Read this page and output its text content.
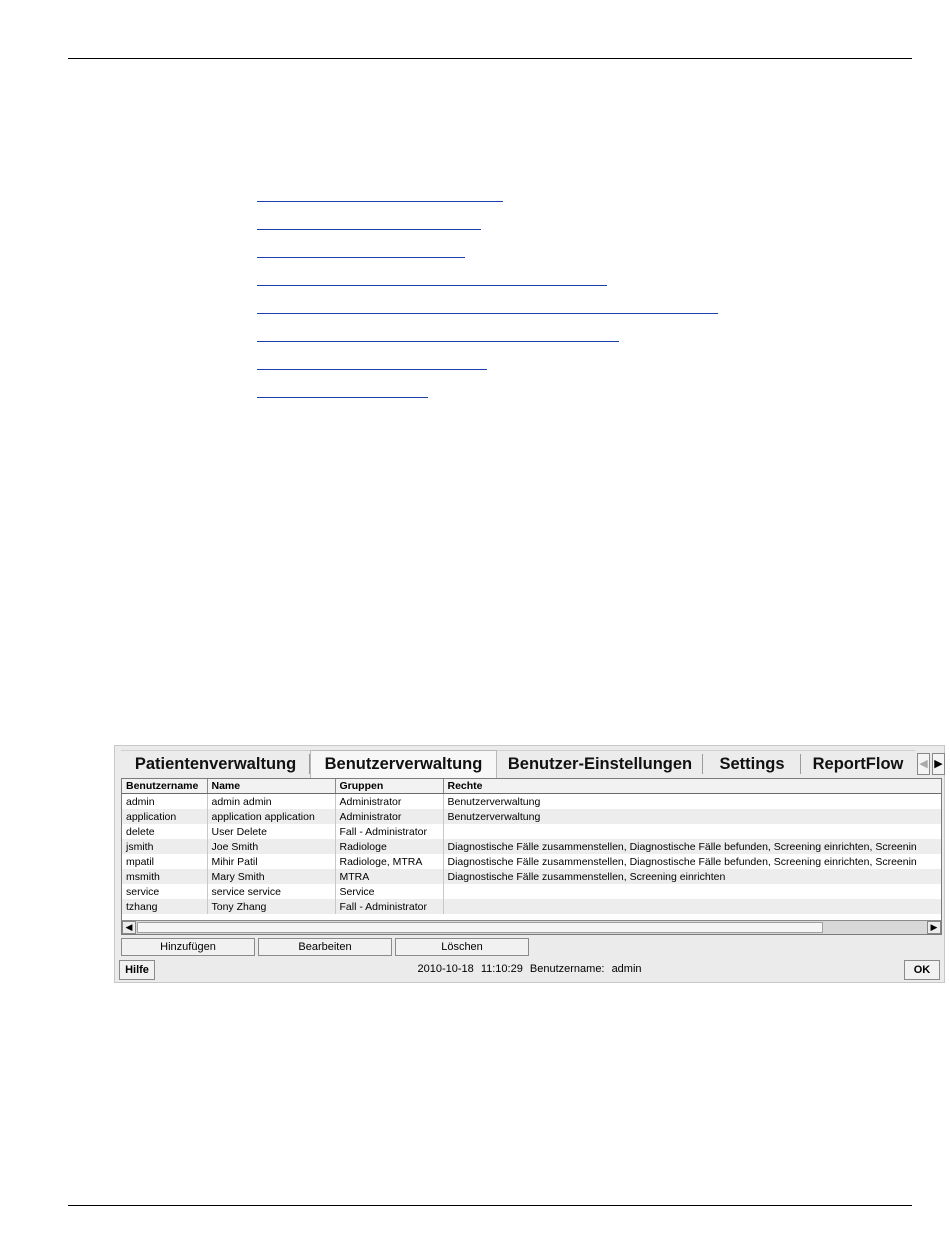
Patientenverwaltung	Benutzerverwaltung	Benutzer-Einstellungen	Settings	ReportFlow	◀ ▶
Benutzername	Name	Gruppen	Rechte
admin	admin admin	Administrator	Benutzerverwaltung
application	application application	Administrator	Benutzerverwaltung
delete	User Delete	Fall - Administrator	
jsmith	Joe Smith	Radiologe	Diagnostische Fälle zusammenstellen, Diagnostische Fälle befunden, Screening einrichten, Screenin
mpatil	Mihir Patil	Radiologe, MTRA	Diagnostische Fälle zusammenstellen, Diagnostische Fälle befunden, Screening einrichten, Screenin
msmith	Mary Smith	MTRA	Diagnostische Fälle zusammenstellen, Screening einrichten
service	service service	Service	
tzhang	Tony Zhang	Fall - Administrator	
◀	▶
Hinzufügen	Bearbeiten	Löschen
Hilfe	2010-10-18 11:10:29 Benutzername: admin	OK
